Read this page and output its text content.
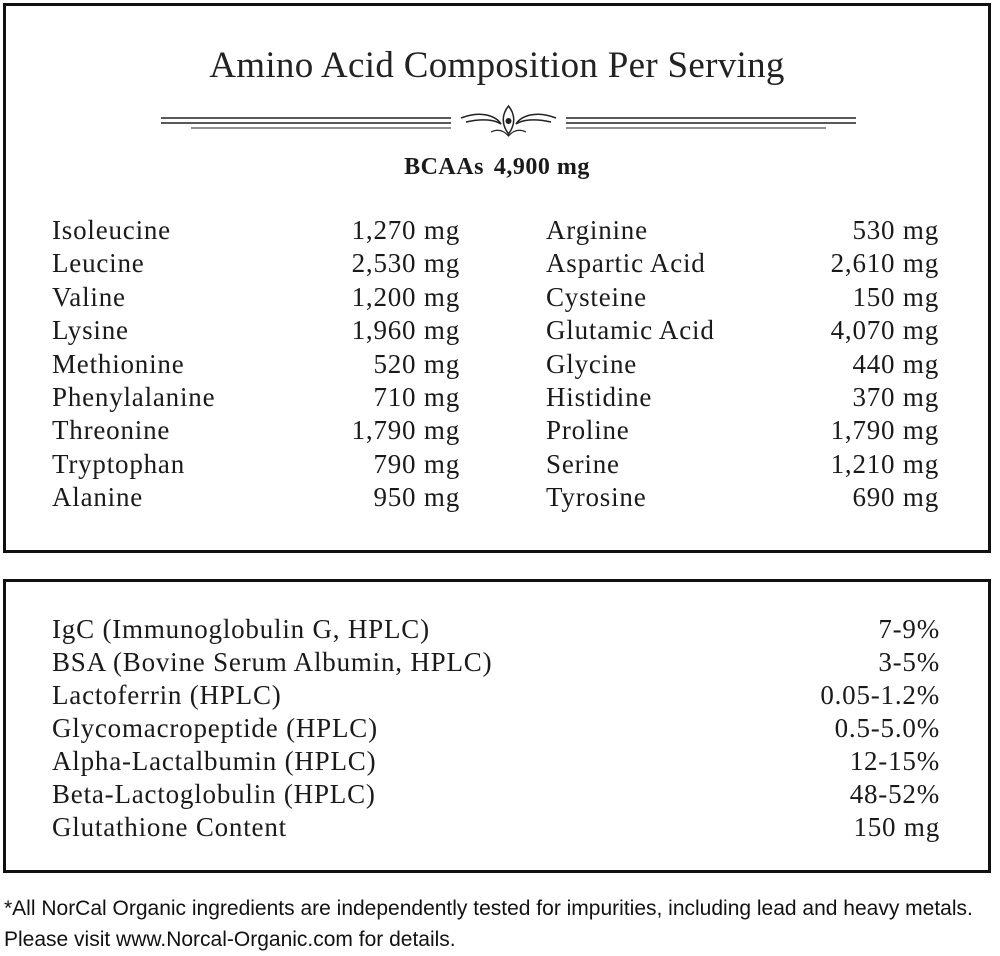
Amino Acid Composition Per Serving
BCAAs 4,900 mg
Isoleucine	1,270 mg
Leucine	2,530 mg
Valine	1,200 mg
Lysine	1,960 mg
Methionine	520 mg
Phenylalanine	710 mg
Threonine	1,790 mg
Tryptophan	790 mg
Alanine	950 mg
Arginine	530 mg
Aspartic Acid	2,610 mg
Cysteine	150 mg
Glutamic Acid	4,070 mg
Glycine	440 mg
Histidine	370 mg
Proline	1,790 mg
Serine	1,210 mg
Tyrosine	690 mg
IgC (Immunoglobulin G, HPLC)	7-9%
BSA (Bovine Serum Albumin, HPLC)	3-5%
Lactoferrin (HPLC)	0.05-1.2%
Glycomacropeptide (HPLC)	0.5-5.0%
Alpha-Lactalbumin (HPLC)	12-15%
Beta-Lactoglobulin (HPLC)	48-52%
Glutathione Content	150 mg
*All NorCal Organic ingredients are independently tested for impurities, including lead and heavy metals. Please visit www.Norcal-Organic.com for details.
